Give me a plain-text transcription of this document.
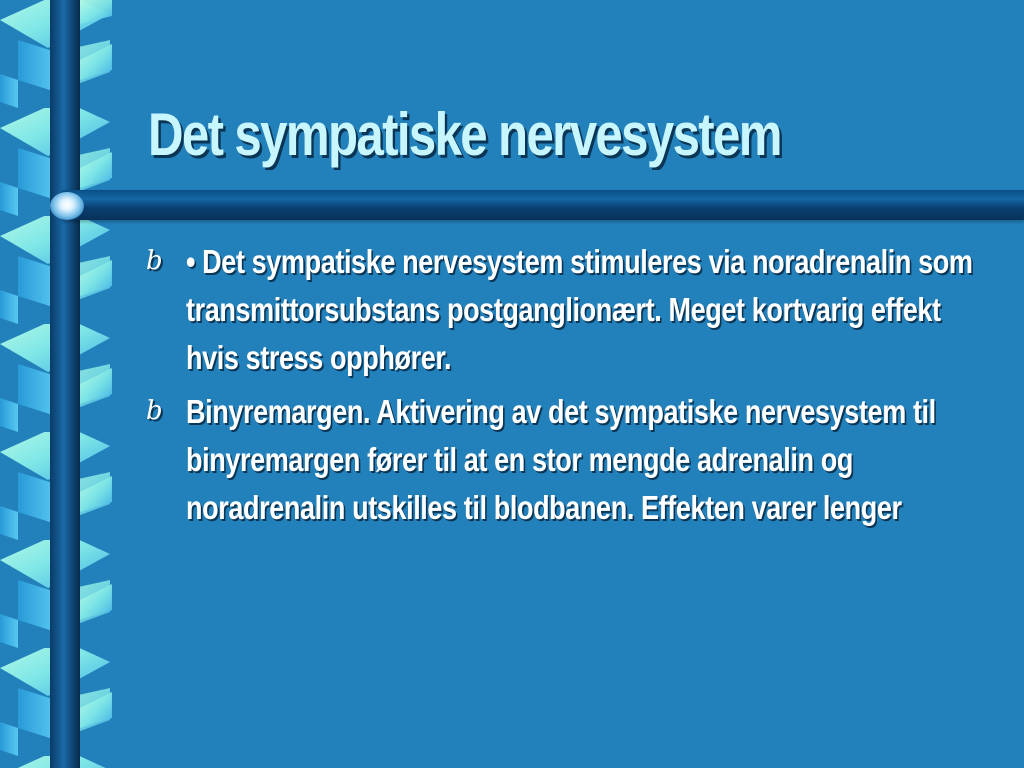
Det sympatiske nervesystem
b • Det sympatiske nervesystem stimuleres via noradrenalin som transmittorsubstans postganglionært. Meget kortvarig effekt hvis stress opphører.
b Binyremargen. Aktivering av det sympatiske nervesystem til binyremargen fører til at en stor mengde adrenalin og noradrenalin utskilles til blodbanen. Effekten varer lenger
